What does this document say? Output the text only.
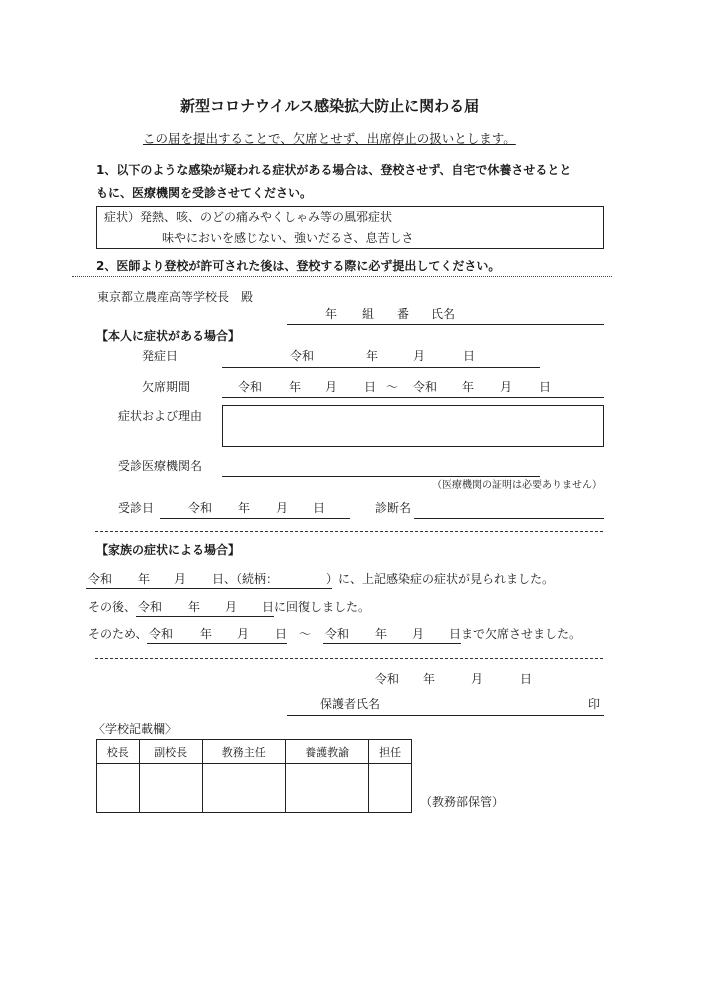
新型コロナウイルス感染拡大防止に関わる届
この届を提出することで、欠席とせず、出席停止の扱いとします。
1、以下のような感染が疑われる症状がある場合は、登校させず、自宅で休養させるとと
もに、医療機関を受診させてください。
症状）発熱、咳、のどの痛みやくしゃみ等の風邪症状
味やにおいを感じない、強いだるさ、息苦しさ
2、医師より登校が許可された後は、登校する際に必ず提出してください。
東京都立農産高等学校長　殿
年 組 番 氏名
【本人に症状がある場合】
発症日	令和	年	月	日
欠席期間	令和 年 月 日 〜 令和 年 月 日
症状および理由
受診医療機関名
（医療機関の証明は必要ありません）
受診日	令和 年 月 日	診断名
【家族の症状による場合】
令和 年 月 日、（続柄：	）に、上記感染症の症状が見られました。
その後、 令和 年 月 日 に回復しました。
そのため、 令和 年 月 日 〜 令和 年 月 日 まで欠席させました。
令和 年	月	日
保護者氏名	印
〈学校記載欄〉
校長	副校長	教務主任	養護教諭	担任

（教務部保管）
